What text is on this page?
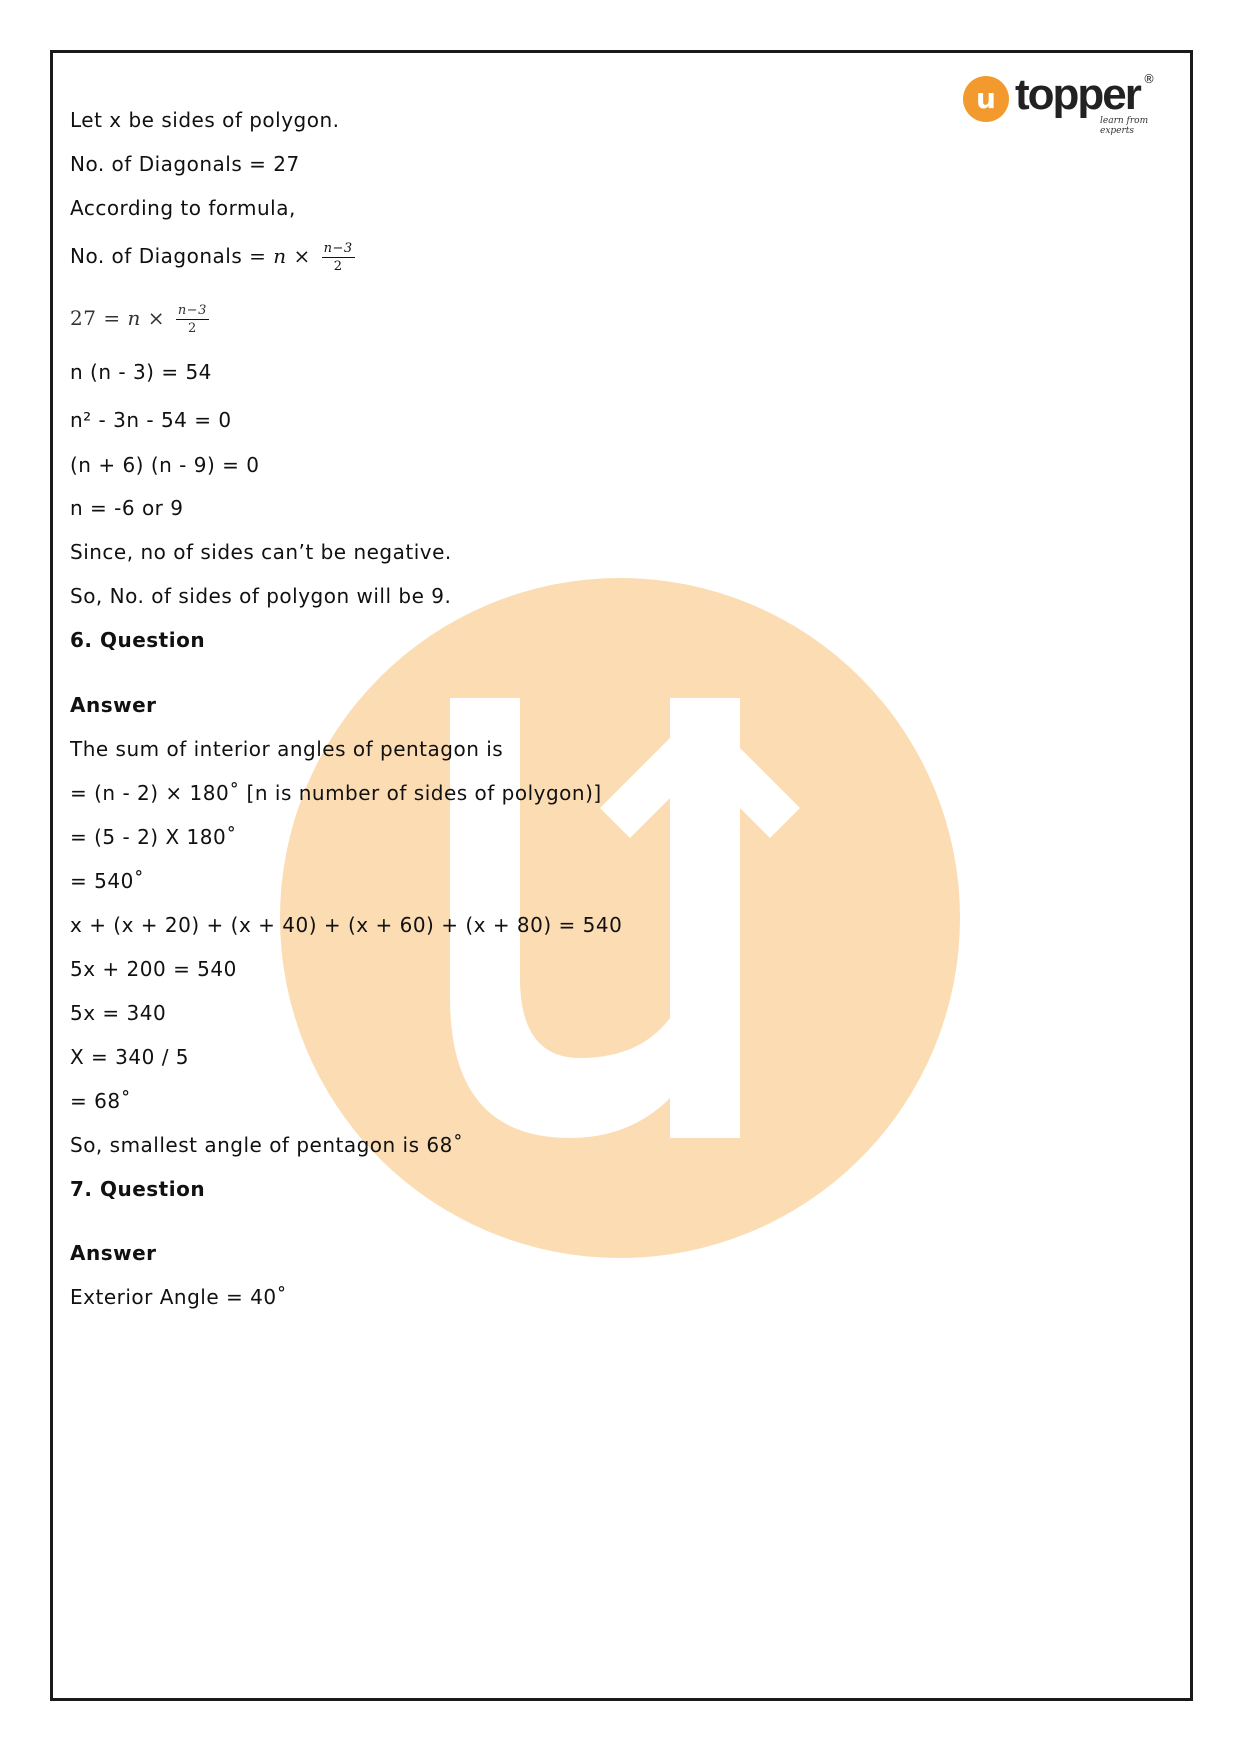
u topper ®
learn from experts
Let x be sides of polygon.
No. of Diagonals = 27
According to formula,
No. of Diagonals = $n \times \frac{n-3}{2}$
$27 = n \times \frac{n-3}{2}$
n (n - 3) = 54
n² - 3n - 54 = 0
(n + 6) (n - 9) = 0
n = -6 or 9
Since, no of sides can’t be negative.
So, No. of sides of polygon will be 9.
6. Question
Answer
The sum of interior angles of pentagon is
= (n - 2) × 180˚ [n is number of sides of polygon)]
= (5 - 2) X 180˚
= 540˚
x + (x + 20) + (x + 40) + (x + 60) + (x + 80) = 540
5x + 200 = 540
5x = 340
X = 340 / 5
= 68˚
So, smallest angle of pentagon is 68˚
7. Question
Answer
Exterior Angle = 40˚
